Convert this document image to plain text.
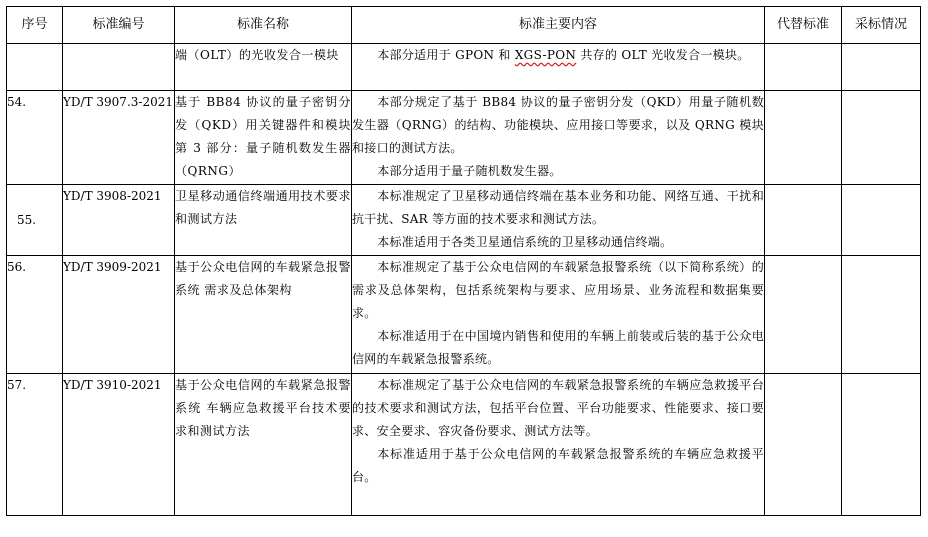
序号	标准编号	标准名称	标准主要内容	代替标准	采标情况
		端（OLT）的光收发合一模块	本部分适用于 GPON 和 XGS-PON 共存的 OLT 光收发合一模块。		

54.	YD/T 3907.3-2021	基于 BB84 协议的量子密钥分发（QKD）用关键器件和模块 第 3 部分：量子随机数发生器（QRNG）	本部分规定了基于 BB84 协议的量子密钥分发（QKD）用量子随机数发生器（QRNG）的结构、功能模块、应用接口等要求，以及 QRNG 模块和接口的测试方法。
本部分适用于量子随机数发生器。		

55.	YD/T 3908-2021	卫星移动通信终端通用技术要求和测试方法	本标准规定了卫星移动通信终端在基本业务和功能、网络互通、干扰和抗干扰、SAR 等方面的技术要求和测试方法。
本标准适用于各类卫星通信系统的卫星移动通信终端。		

56.	YD/T 3909-2021	基于公众电信网的车载紧急报警系统 需求及总体架构	本标准规定了基于公众电信网的车载紧急报警系统（以下简称系统）的需求及总体架构，包括系统架构与要求、应用场景、业务流程和数据集要求。
本标准适用于在中国境内销售和使用的车辆上前装或后装的基于公众电信网的车载紧急报警系统。		

57.	YD/T 3910-2021	基于公众电信网的车载紧急报警系统 车辆应急救援平台技术要求和测试方法	本标准规定了基于公众电信网的车载紧急报警系统的车辆应急救援平台的技术要求和测试方法，包括平台位置、平台功能要求、性能要求、接口要求、安全要求、容灾备份要求、测试方法等。
本标准适用于基于公众电信网的车载紧急报警系统的车辆应急救援平台。		
